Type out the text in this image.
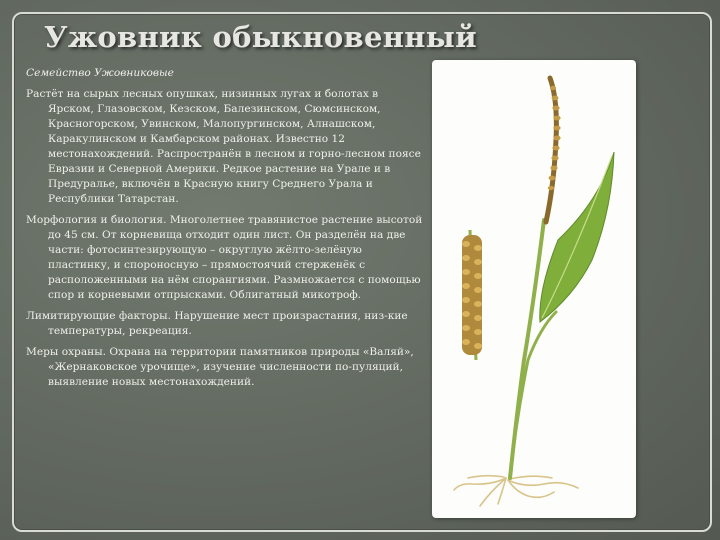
Ужовник обыкновенный

Семейство Ужовниковые

Растёт на сырых лесных опушках, низинных лугах и болотах в Ярском, Глазовском, Кезском, Балезинском, Сюмсинском, Красногорском, Увинском, Малопургинском, Алнашском, Каракулинском и Камбарском районах. Известно 12 местонахождений. Распространён в лесном и горно-лесном поясе Евразии и Северной Америки. Редкое растение на Урале и в Предуралье, включён в Красную книгу Среднего Урала и Республики Татарстан.

Морфология и биология. Многолетнее травянистое растение высотой до 45 см. От корневища отходит один лист. Он разделён на две части: фотосинтезирующую – округлую жёлто-зелёную пластинку, и спороносную – прямостоячий стерженёк с расположенными на нём спорангиями. Размножается с помощью спор и корневыми отпрысками. Облигатный микотроф.

Лимитирующие факторы. Нарушение мест произрастания, низ-кие температуры, рекреация.

Меры охраны. Охрана на территории памятников природы «Валяй», «Жернаковское урочище», изучение численности по-пуляций, выявление новых местонахождений.
